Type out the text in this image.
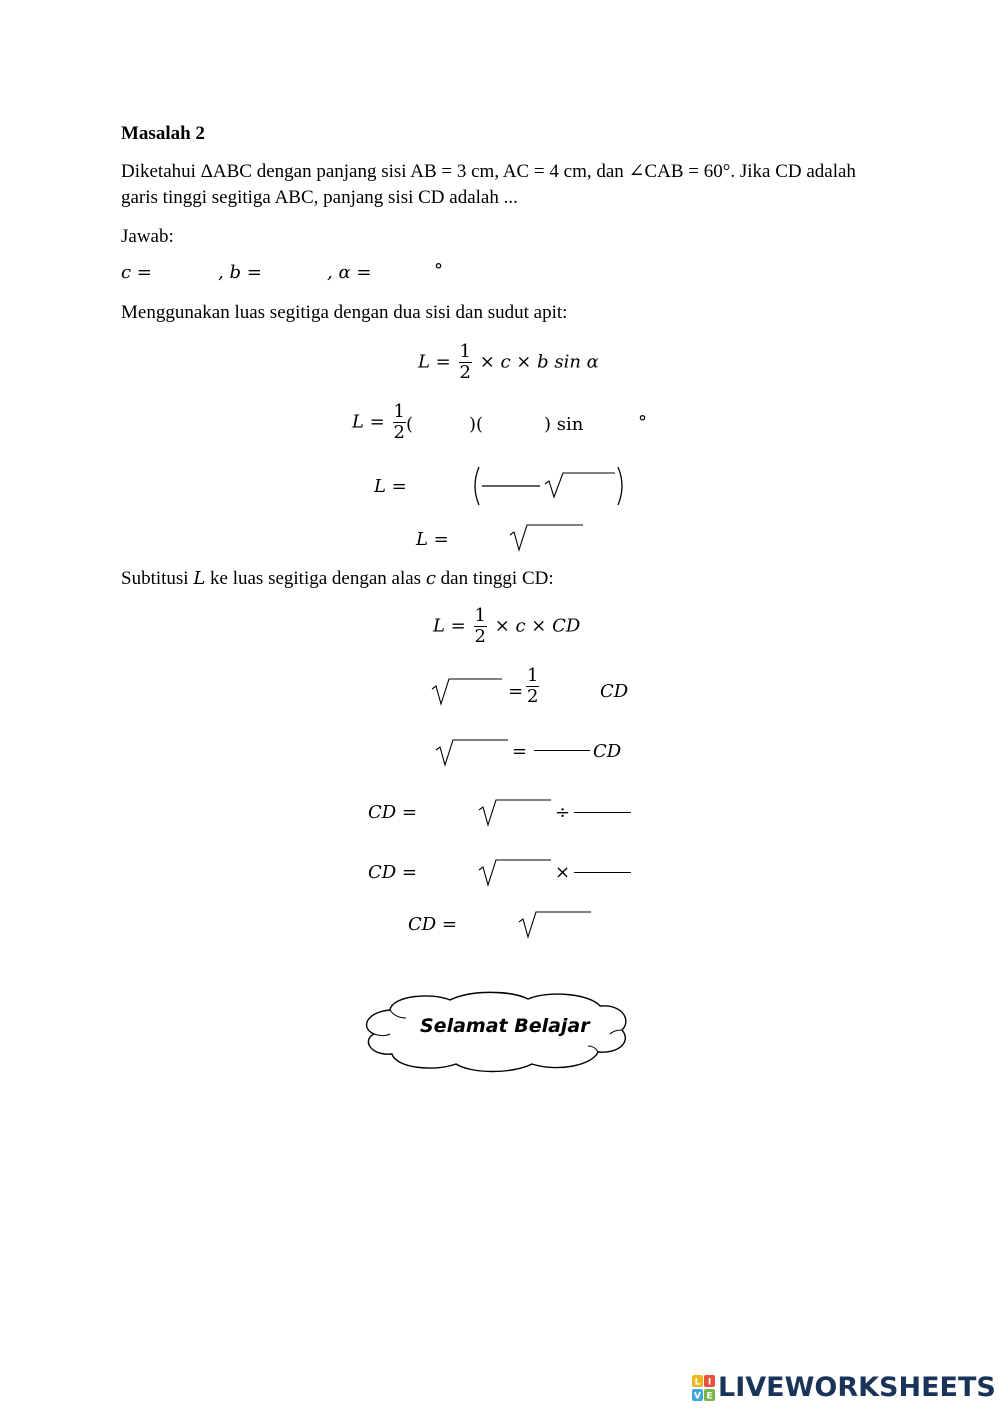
Masalah 2
Diketahui ΔABC dengan panjang sisi AB = 3 cm, AC = 4 cm, dan ∠CAB = 60°. Jika CD adalah
garis tinggi segitiga ABC, panjang sisi CD adalah ...
Jawab:
c =	, b =	, α =	°
Menggunakan luas segitiga dengan dua sisi dan sudut apit:
$L = \frac{1}{2} \times c \times b$ sin α
$L = \frac{1}{2}$ (	)(	) sin	°
L =
L =
Subtitusi L ke luas segitiga dengan alas c dan tinggi CD:
$L = \frac{1}{2} \times c$ × CD
= $\frac{1}{2}$	CD
=	CD
CD =	÷
CD =	×
CD =
Selamat Belajar
L I
V E LIVEWORKSHEETS
